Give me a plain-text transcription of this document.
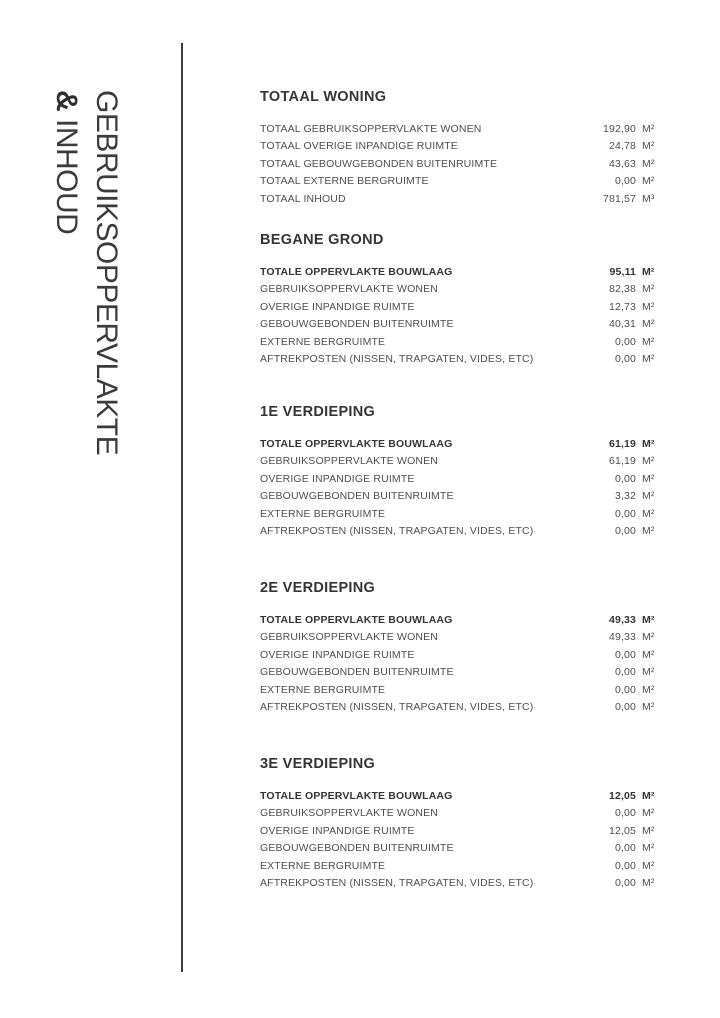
GEBRUIKSOPPERVLAKTE
& INHOUD
TOTAAL WONING
TOTAAL GEBRUIKSOPPERVLAKTE WONEN	192,90 M²
TOTAAL OVERIGE INPANDIGE RUIMTE	24,78 M²
TOTAAL GEBOUWGEBONDEN BUITENRUIMTE	43,63 M²
TOTAAL EXTERNE BERGRUIMTE	0,00 M²
TOTAAL INHOUD	781,57 M³
BEGANE GROND
TOTALE OPPERVLAKTE BOUWLAAG	95,11 M²
GEBRUIKSOPPERVLAKTE WONEN	82,38 M²
OVERIGE INPANDIGE RUIMTE	12,73 M²
GEBOUWGEBONDEN BUITENRUIMTE	40,31 M²
EXTERNE BERGRUIMTE	0,00 M²
AFTREKPOSTEN (NISSEN, TRAPGATEN, VIDES, ETC)	0,00 M²
1E VERDIEPING
TOTALE OPPERVLAKTE BOUWLAAG	61,19 M²
GEBRUIKSOPPERVLAKTE WONEN	61,19 M²
OVERIGE INPANDIGE RUIMTE	0,00 M²
GEBOUWGEBONDEN BUITENRUIMTE	3,32 M²
EXTERNE BERGRUIMTE	0,00 M²
AFTREKPOSTEN (NISSEN, TRAPGATEN, VIDES, ETC)	0,00 M²
2E VERDIEPING
TOTALE OPPERVLAKTE BOUWLAAG	49,33 M²
GEBRUIKSOPPERVLAKTE WONEN	49,33 M²
OVERIGE INPANDIGE RUIMTE	0,00 M²
GEBOUWGEBONDEN BUITENRUIMTE	0,00 M²
EXTERNE BERGRUIMTE	0,00 M²
AFTREKPOSTEN (NISSEN, TRAPGATEN, VIDES, ETC)	0,00 M²
3E VERDIEPING
TOTALE OPPERVLAKTE BOUWLAAG	12,05 M²
GEBRUIKSOPPERVLAKTE WONEN	0,00 M²
OVERIGE INPANDIGE RUIMTE	12,05 M²
GEBOUWGEBONDEN BUITENRUIMTE	0,00 M²
EXTERNE BERGRUIMTE	0,00 M²
AFTREKPOSTEN (NISSEN, TRAPGATEN, VIDES, ETC)	0,00 M²
